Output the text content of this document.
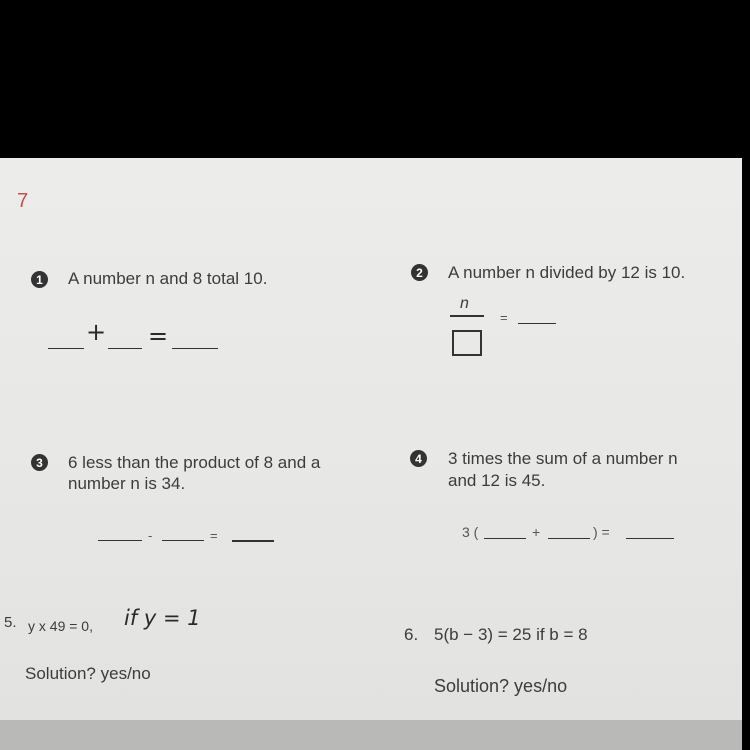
7
1	A number n and 8 total 10.
+ =
2	A number n divided by 12 is 10.
n
=
3	6 less than the product of 8 and a
number n is 34.
-	=
4	3 times the sum of a number n
and 12 is 45.
3 (	+	) =
5. y x 49 = 0, if y = 1
Solution? yes/no
6. 5(b − 3) = 25 if b = 8
Solution? yes/no
